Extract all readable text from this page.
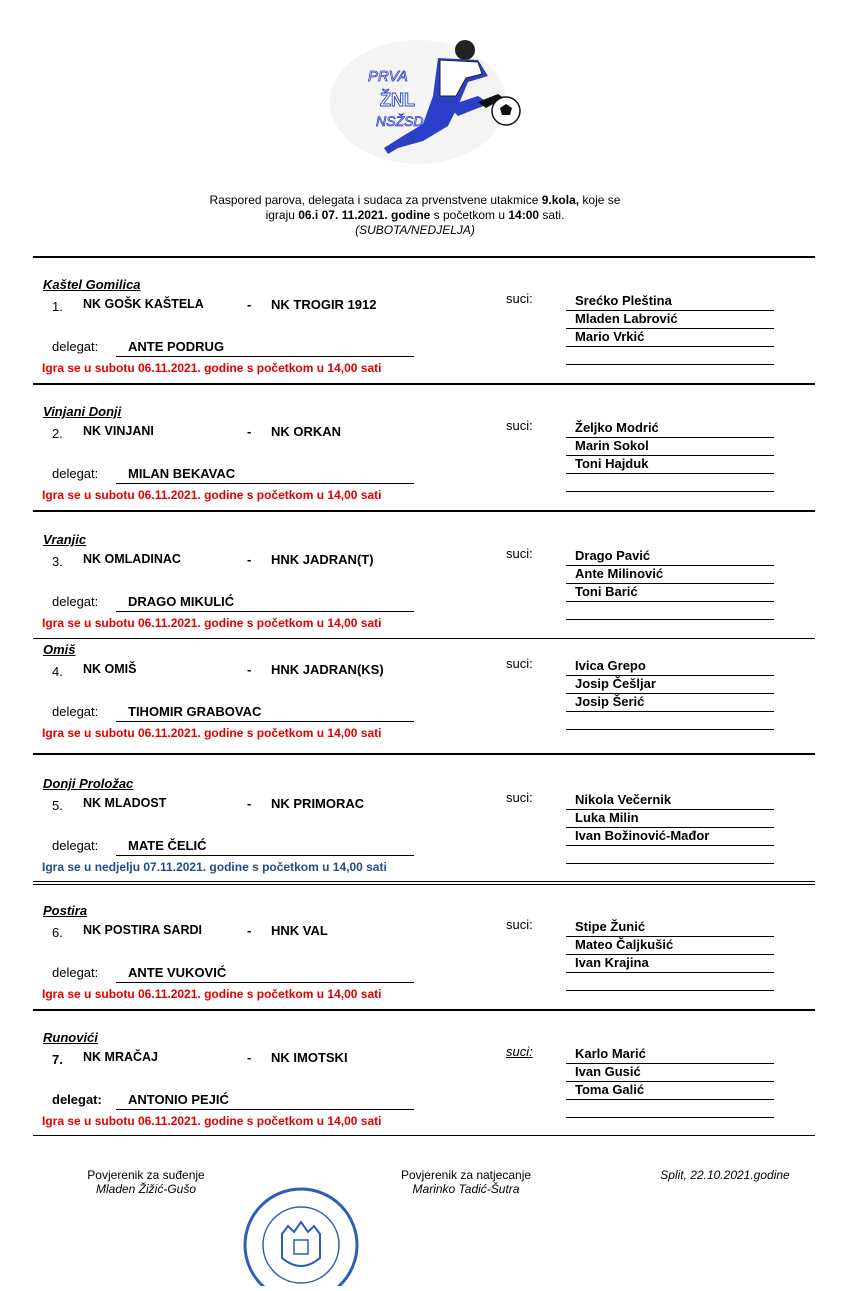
PRVA
ŽNL
NSŽSD
Raspored parova, delegata i sudaca za prvenstvene utakmice 9.kola, koje se
igraju 06.i 07. 11.2021. godine s početkom u 14:00 sati.
(SUBOTA/NEDJELJA)
Kaštel Gomilica
1. NK GOŠK KAŠTELA	- NK TROGIR 1912	suci:	Srećko Pleština
Mladen Labrović
Mario Vrkić
delegat: ANTE PODRUG
Igra se u subotu 06.11.2021. godine s početkom u 14,00 sati
Vinjani Donji
2. NK VINJANI	- NK ORKAN	suci:	Željko Modrić
Marin Sokol
Toni Hajduk
delegat: MILAN BEKAVAC
Igra se u subotu 06.11.2021. godine s početkom u 14,00 sati
Vranjic
3. NK OMLADINAC	- HNK JADRAN(T)	suci:	Drago Pavić
Ante Milinović
Toni Barić
delegat: DRAGO MIKULIĆ
Igra se u subotu 06.11.2021. godine s početkom u 14,00 sati
Omiš
4. NK OMIŠ	- HNK JADRAN(KS)	suci:	Ivica Grepo
Josip Češljar
Josip Šerić
delegat: TIHOMIR GRABOVAC
Igra se u subotu 06.11.2021. godine s početkom u 14,00 sati
Donji Proložac
5. NK MLADOST	- NK PRIMORAC	suci:	Nikola Večernik
Luka Milin
Ivan Božinović-Mađor
delegat: MATE ČELIĆ
Igra se u nedjelju 07.11.2021. godine s početkom u 14,00 sati
Postira
6. NK POSTIRA SARDI	- HNK VAL	suci:	Stipe Žunić
Mateo Čaljkušić
Ivan Krajina
delegat: ANTE VUKOVIĆ
Igra se u subotu 06.11.2021. godine s početkom u 14,00 sati
Runovići
7. NK MRAČAJ	- NK IMOTSKI	suci:	Karlo Marić
Ivan Gusić
Toma Galić
delegat: ANTONIO PEJIĆ
Igra se u subotu 06.11.2021. godine s početkom u 14,00 sati
Povjerenik za suđenje
Mladen Žižić-Gušo
Povjerenik za natjecanje
Marinko Tadić-Šutra
Split, 22.10.2021.godine
